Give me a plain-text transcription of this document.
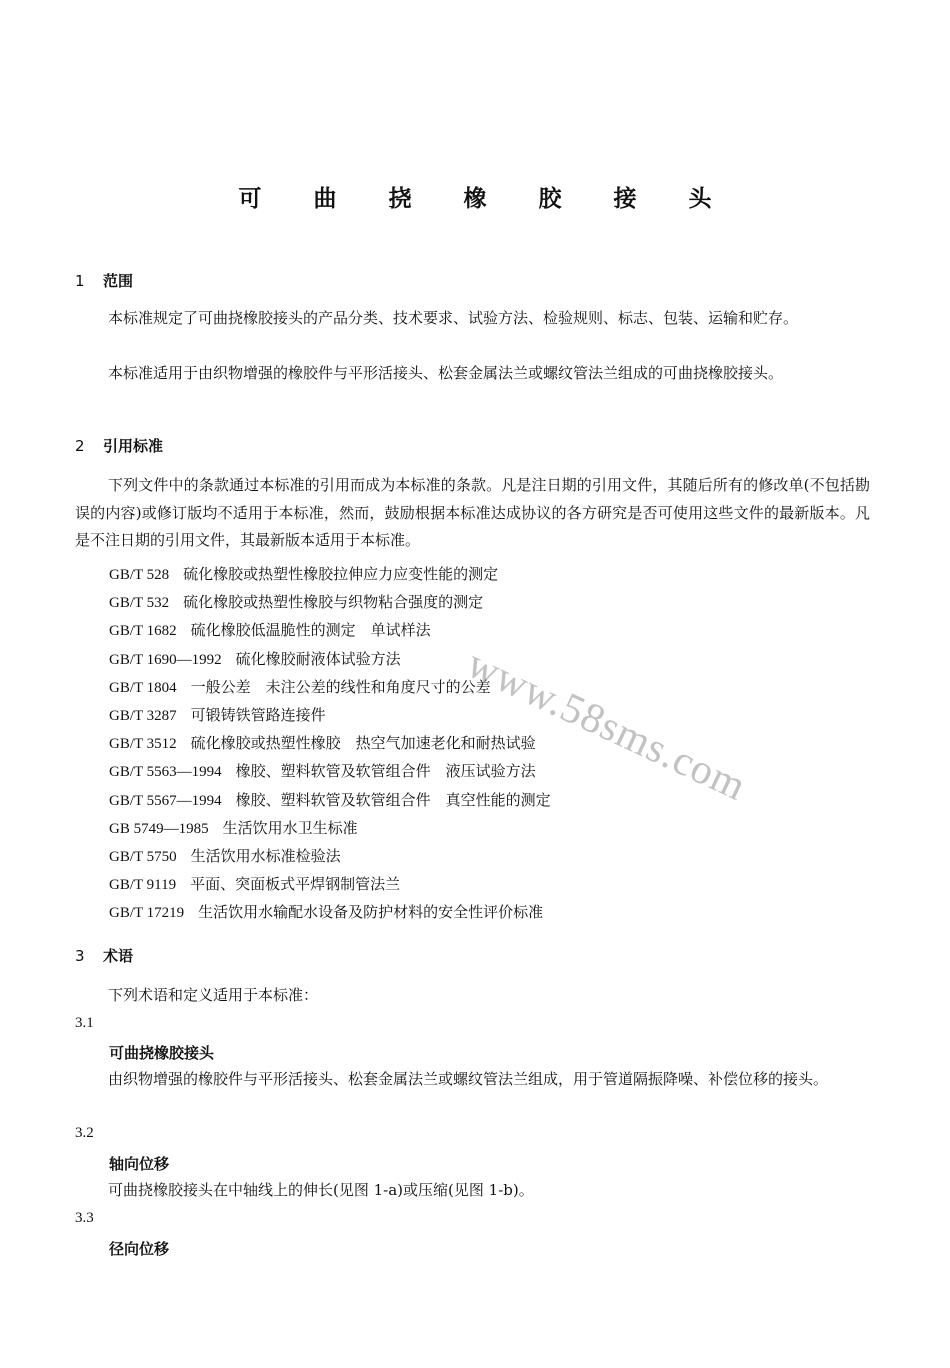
可 曲 挠 橡 胶 接 头
1 范围
本标准规定了可曲挠橡胶接头的产品分类、技术要求、试验方法、检验规则、标志、包装、运输和贮存。
本标准适用于由织物增强的橡胶件与平形活接头、松套金属法兰或螺纹管法兰组成的可曲挠橡胶接头。
2 引用标准
下列文件中的条款通过本标准的引用而成为本标准的条款。凡是注日期的引用文件，其随后所有的修改单(不包括勘误的内容)或修订版均不适用于本标准，然而，鼓励根据本标准达成协议的各方研究是否可使用这些文件的最新版本。凡是不注日期的引用文件，其最新版本适用于本标准。
GB/T 528 硫化橡胶或热塑性橡胶拉伸应力应变性能的测定
GB/T 532 硫化橡胶或热塑性橡胶与织物粘合强度的测定
GB/T 1682 硫化橡胶低温脆性的测定　单试样法
GB/T 1690—1992 硫化橡胶耐液体试验方法
GB/T 1804 一般公差　未注公差的线性和角度尺寸的公差
GB/T 3287 可锻铸铁管路连接件
GB/T 3512 硫化橡胶或热塑性橡胶　热空气加速老化和耐热试验
GB/T 5563—1994 橡胶、塑料软管及软管组合件　液压试验方法
GB/T 5567—1994 橡胶、塑料软管及软管组合件　真空性能的测定
GB 5749—1985 生活饮用水卫生标准
GB/T 5750 生活饮用水标准检验法
GB/T 9119 平面、突面板式平焊钢制管法兰
GB/T 17219 生活饮用水输配水设备及防护材料的安全性评价标准
3 术语
下列术语和定义适用于本标准：
3.1
可曲挠橡胶接头
由织物增强的橡胶件与平形活接头、松套金属法兰或螺纹管法兰组成，用于管道隔振降噪、补偿位移的接头。
3.2
轴向位移
可曲挠橡胶接头在中轴线上的伸长(见图 1-a)或压缩(见图 1-b)。
3.3
径向位移
www.58sms.com
